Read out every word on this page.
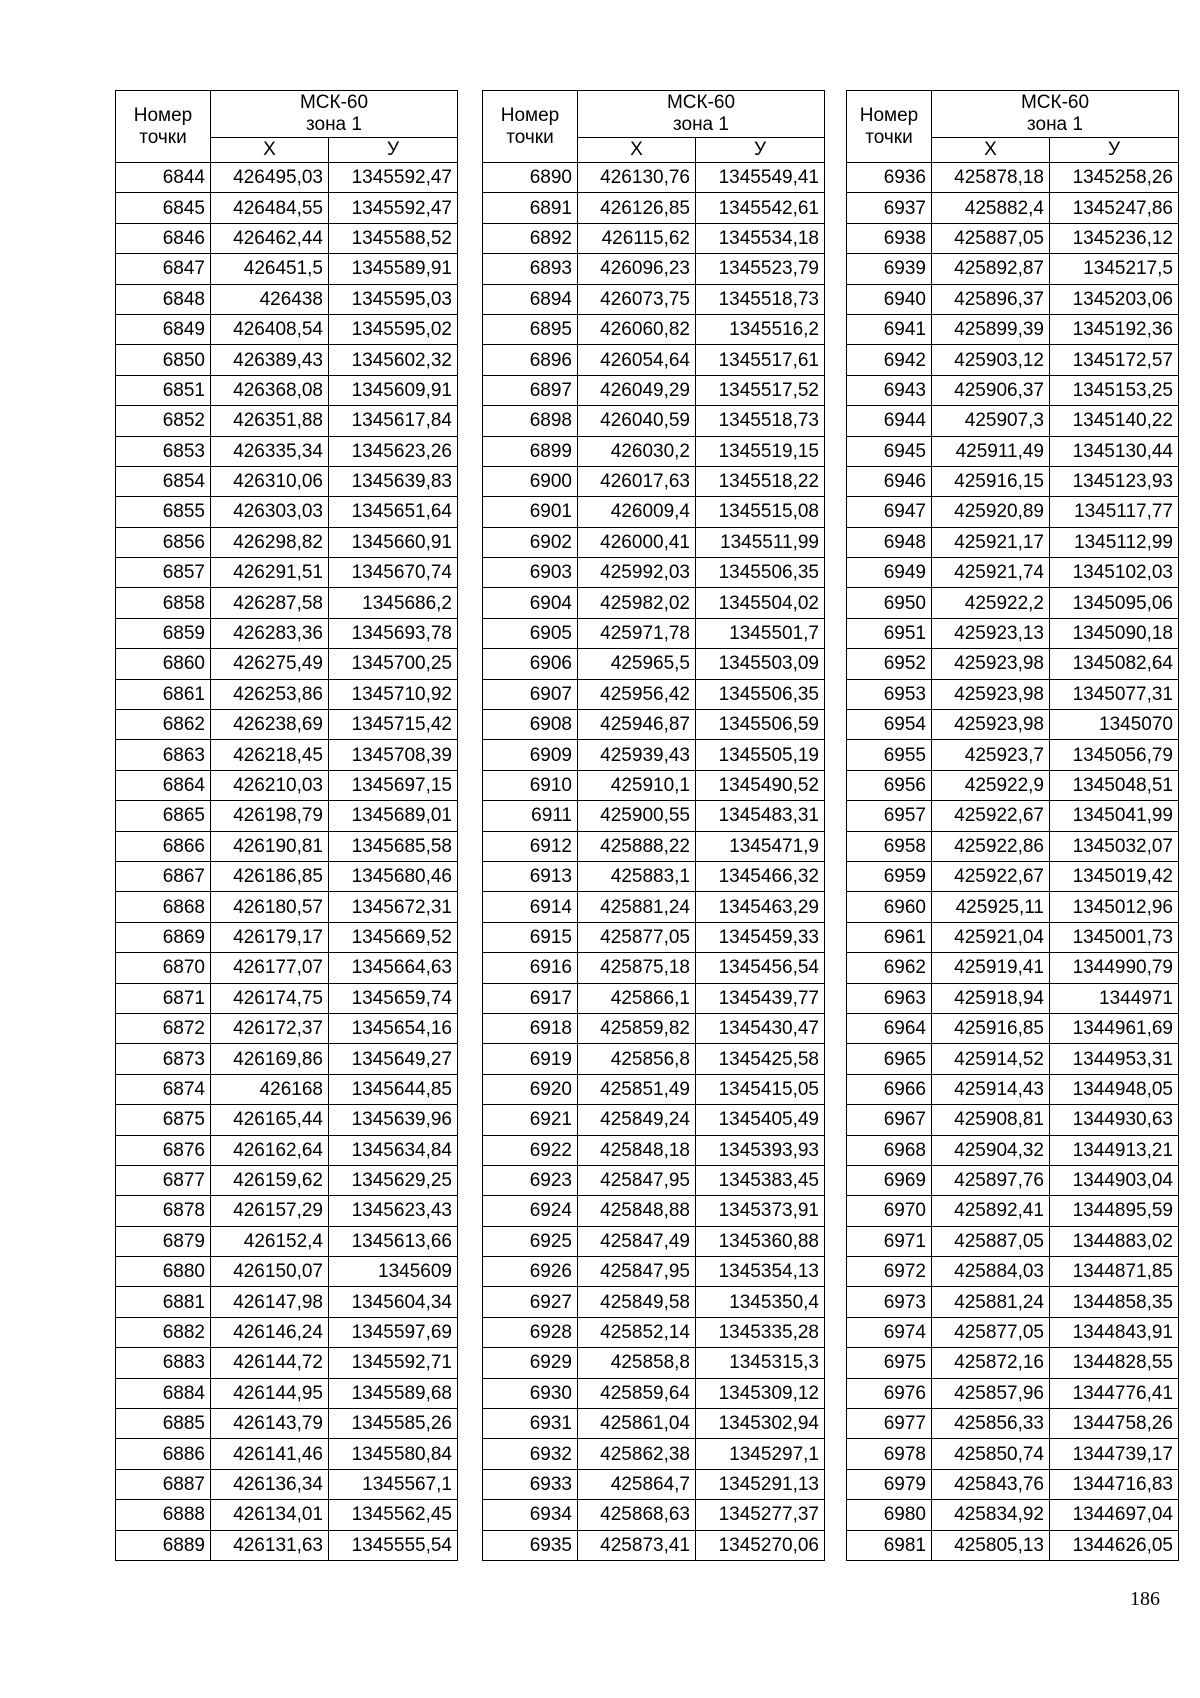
Номер
точки	МСК-60
зона 1	
	Х	У
6844	426495,03	1345592,47
6845	426484,55	1345592,47
6846	426462,44	1345588,52
6847	426451,5	1345589,91
6848	426438	1345595,03
6849	426408,54	1345595,02
6850	426389,43	1345602,32
6851	426368,08	1345609,91
6852	426351,88	1345617,84
6853	426335,34	1345623,26
6854	426310,06	1345639,83
6855	426303,03	1345651,64
6856	426298,82	1345660,91
6857	426291,51	1345670,74
6858	426287,58	1345686,2
6859	426283,36	1345693,78
6860	426275,49	1345700,25
6861	426253,86	1345710,92
6862	426238,69	1345715,42
6863	426218,45	1345708,39
6864	426210,03	1345697,15
6865	426198,79	1345689,01
6866	426190,81	1345685,58
6867	426186,85	1345680,46
6868	426180,57	1345672,31
6869	426179,17	1345669,52
6870	426177,07	1345664,63
6871	426174,75	1345659,74
6872	426172,37	1345654,16
6873	426169,86	1345649,27
6874	426168	1345644,85
6875	426165,44	1345639,96
6876	426162,64	1345634,84
6877	426159,62	1345629,25
6878	426157,29	1345623,43
6879	426152,4	1345613,66
6880	426150,07	1345609
6881	426147,98	1345604,34
6882	426146,24	1345597,69
6883	426144,72	1345592,71
6884	426144,95	1345589,68
6885	426143,79	1345585,26
6886	426141,46	1345580,84
6887	426136,34	1345567,1
6888	426134,01	1345562,45
6889	426131,63	1345555,54
Номер
точки	МСК-60
зона 1	
	Х	У
6890	426130,76	1345549,41
6891	426126,85	1345542,61
6892	426115,62	1345534,18
6893	426096,23	1345523,79
6894	426073,75	1345518,73
6895	426060,82	1345516,2
6896	426054,64	1345517,61
6897	426049,29	1345517,52
6898	426040,59	1345518,73
6899	426030,2	1345519,15
6900	426017,63	1345518,22
6901	426009,4	1345515,08
6902	426000,41	1345511,99
6903	425992,03	1345506,35
6904	425982,02	1345504,02
6905	425971,78	1345501,7
6906	425965,5	1345503,09
6907	425956,42	1345506,35
6908	425946,87	1345506,59
6909	425939,43	1345505,19
6910	425910,1	1345490,52
6911	425900,55	1345483,31
6912	425888,22	1345471,9
6913	425883,1	1345466,32
6914	425881,24	1345463,29
6915	425877,05	1345459,33
6916	425875,18	1345456,54
6917	425866,1	1345439,77
6918	425859,82	1345430,47
6919	425856,8	1345425,58
6920	425851,49	1345415,05
6921	425849,24	1345405,49
6922	425848,18	1345393,93
6923	425847,95	1345383,45
6924	425848,88	1345373,91
6925	425847,49	1345360,88
6926	425847,95	1345354,13
6927	425849,58	1345350,4
6928	425852,14	1345335,28
6929	425858,8	1345315,3
6930	425859,64	1345309,12
6931	425861,04	1345302,94
6932	425862,38	1345297,1
6933	425864,7	1345291,13
6934	425868,63	1345277,37
6935	425873,41	1345270,06
Номер
точки	МСК-60
зона 1	
	Х	У
6936	425878,18	1345258,26
6937	425882,4	1345247,86
6938	425887,05	1345236,12
6939	425892,87	1345217,5
6940	425896,37	1345203,06
6941	425899,39	1345192,36
6942	425903,12	1345172,57
6943	425906,37	1345153,25
6944	425907,3	1345140,22
6945	425911,49	1345130,44
6946	425916,15	1345123,93
6947	425920,89	1345117,77
6948	425921,17	1345112,99
6949	425921,74	1345102,03
6950	425922,2	1345095,06
6951	425923,13	1345090,18
6952	425923,98	1345082,64
6953	425923,98	1345077,31
6954	425923,98	1345070
6955	425923,7	1345056,79
6956	425922,9	1345048,51
6957	425922,67	1345041,99
6958	425922,86	1345032,07
6959	425922,67	1345019,42
6960	425925,11	1345012,96
6961	425921,04	1345001,73
6962	425919,41	1344990,79
6963	425918,94	1344971
6964	425916,85	1344961,69
6965	425914,52	1344953,31
6966	425914,43	1344948,05
6967	425908,81	1344930,63
6968	425904,32	1344913,21
6969	425897,76	1344903,04
6970	425892,41	1344895,59
6971	425887,05	1344883,02
6972	425884,03	1344871,85
6973	425881,24	1344858,35
6974	425877,05	1344843,91
6975	425872,16	1344828,55
6976	425857,96	1344776,41
6977	425856,33	1344758,26
6978	425850,74	1344739,17
6979	425843,76	1344716,83
6980	425834,92	1344697,04
6981	425805,13	1344626,05
186
